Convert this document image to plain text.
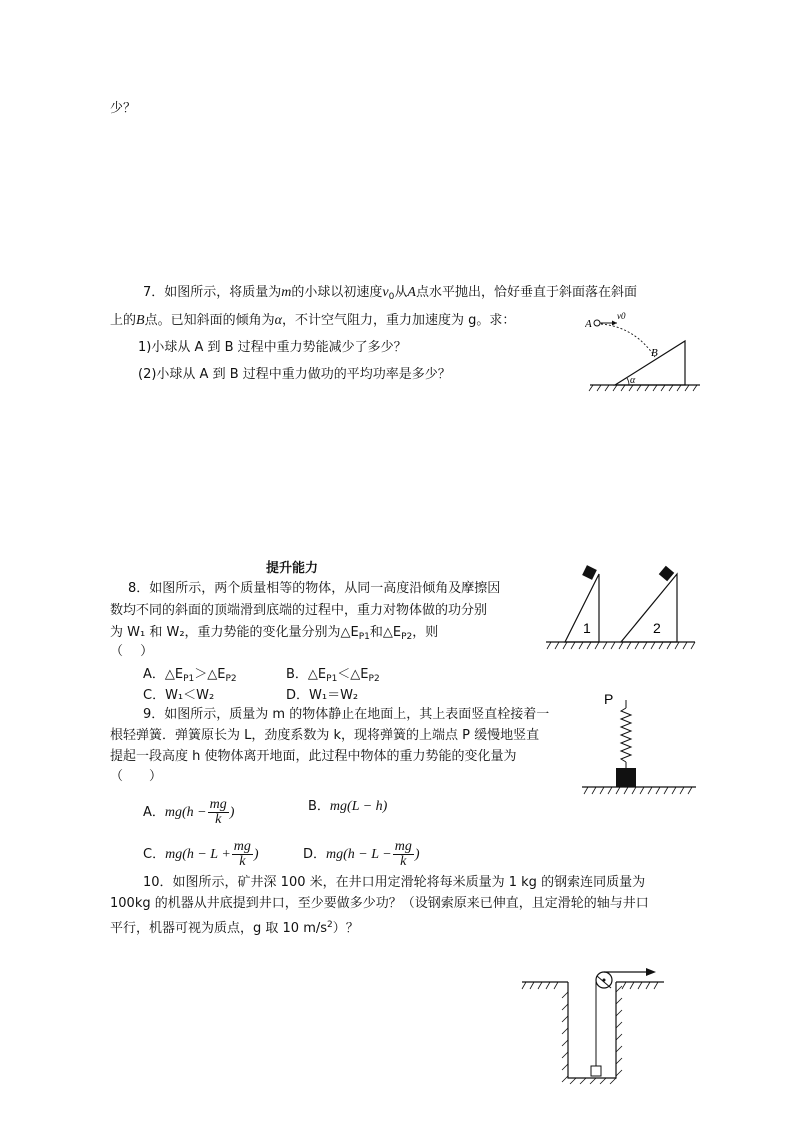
少？
7．如图所示，将质量为m的小球以初速度$v_0$从A点水平抛出，恰好垂直于斜面落在斜面
上的B点。已知斜面的倾角为α，不计空气阻力，重力加速度为 g。求：
1)小球从 A 到 B 过程中重力势能减少了多少？
(2)小球从 A 到 B 过程中重力做功的平均功率是多少？
A
v0
B
α
提升能力
8．如图所示，两个质量相等的物体，从同一高度沿倾角及摩擦因
数均不同的斜面的顶端滑到底端的过程中，重力对物体做的功分别
为 W₁ 和 W₂，重力势能的变化量分别为$\triangle E_{P1}$和$\triangle E_{P2}$，则
（　 ）
A．$\triangle E_{P1}>\triangle E_{P2}$	B．$\triangle E_{P1}<\triangle E_{P2}$
C．W₁＜W₂	D．W₁＝W₂
1	2
9．如图所示，质量为 m 的物体静止在地面上，其上表面竖直栓接着一
根轻弹簧．弹簧原长为 L，劲度系数为 k，现将弹簧的上端点 P 缓慢地竖直
提起一段高度 h 使物体离开地面，此过程中物体的重力势能的变化量为
（　　）
A．$mg(h - \frac{mg}{k}$ )	B．mg(L − h)
C．$mg(h - L + \frac{mg}{k}$ )	D．$mg(h - L - \frac{mg}{k}$ )
P
10．如图所示，矿井深 100 米，在井口用定滑轮将每米质量为 1 kg 的钢索连同质量为
100kg 的机器从井底提到井口，至少要做多少功？（设钢索原来已伸直，且定滑轮的轴与井口
平行，机器可视为质点，g 取 10 $m/s^2$）？
